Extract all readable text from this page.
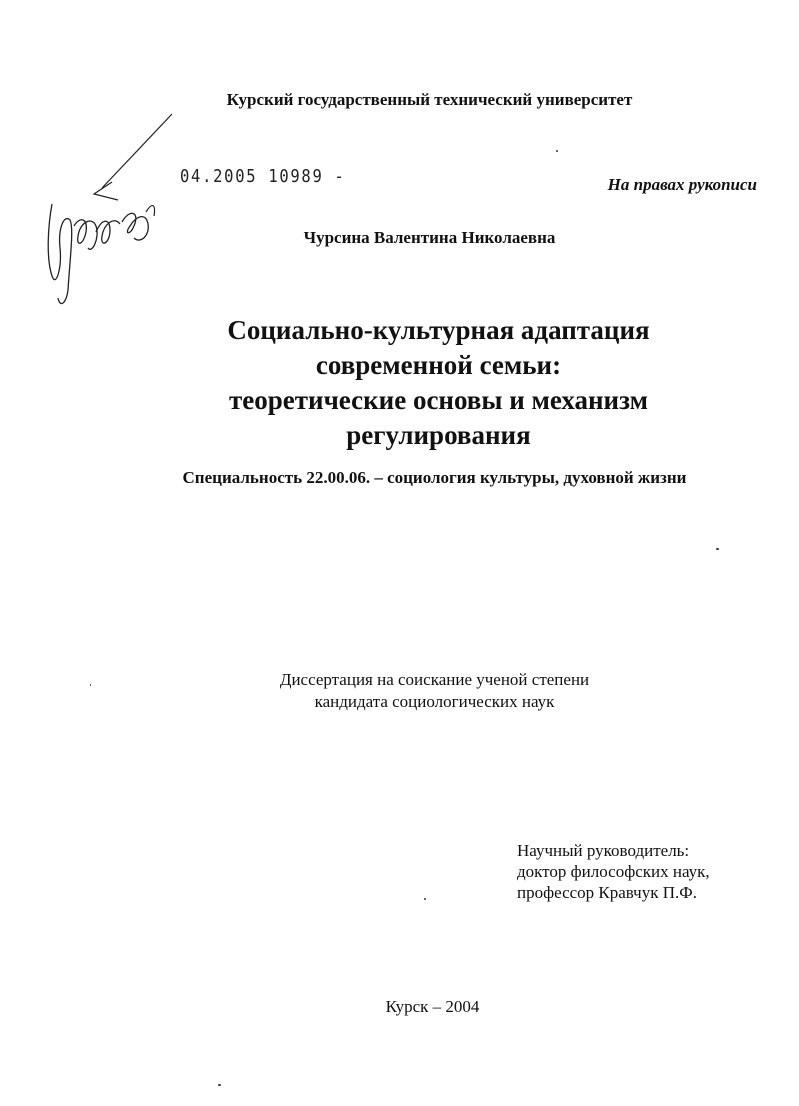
Курский государственный технический университет
04.2005 10989 -	На правах рукописи
Чурсина Валентина Николаевна
Социально-культурная адаптация
современной семьи:
теоретические основы и механизм
регулирования
Специальность 22.00.06. – социология культуры, духовной жизни
Диссертация на соискание ученой степени
кандидата социологических наук
Научный руководитель:
доктор философских наук,
профессор Кравчук П.Ф.
Курск – 2004
